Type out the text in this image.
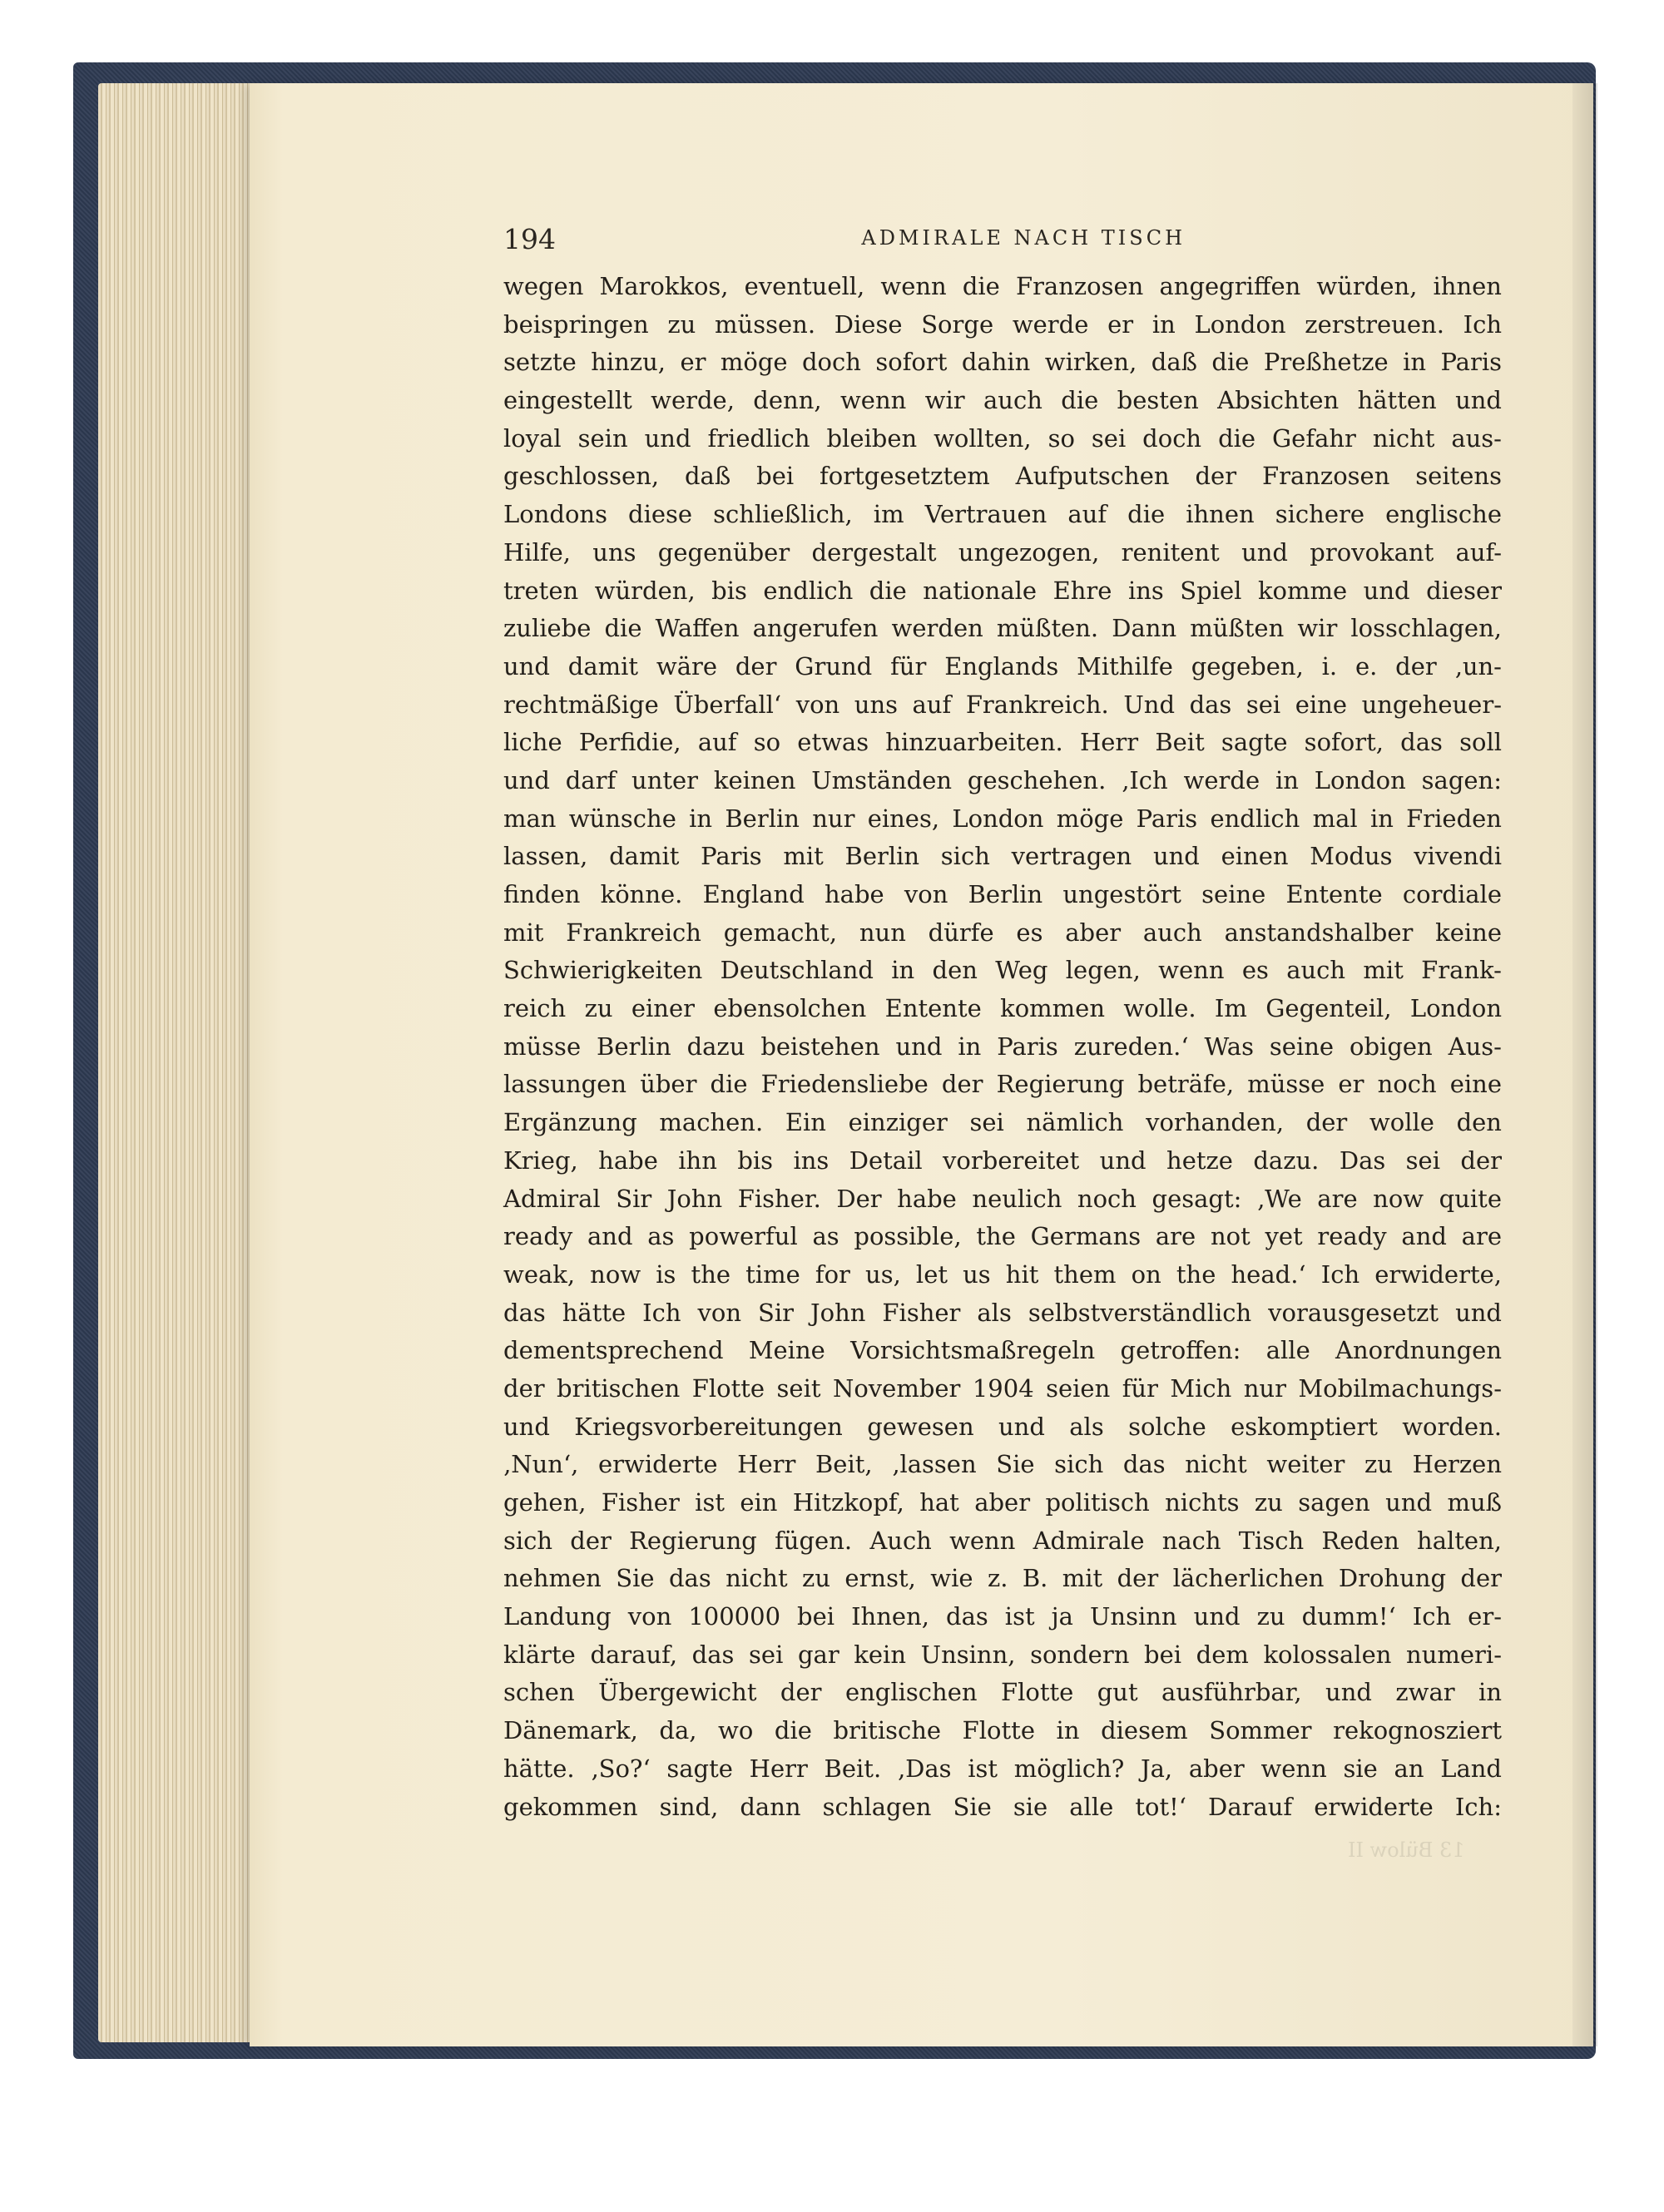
194	ADMIRALE NACH TISCH
wegen Marokkos, eventuell, wenn die Franzosen angegriffen würden, ihnen
beispringen zu müssen. Diese Sorge werde er in London zerstreuen. Ich
setzte hinzu, er möge doch sofort dahin wirken, daß die Preßhetze in Paris
eingestellt werde, denn, wenn wir auch die besten Absichten hätten und
loyal sein und friedlich bleiben wollten, so sei doch die Gefahr nicht aus-
geschlossen, daß bei fortgesetztem Aufputschen der Franzosen seitens
Londons diese schließlich, im Vertrauen auf die ihnen sichere englische
Hilfe, uns gegenüber dergestalt ungezogen, renitent und provokant auf-
treten würden, bis endlich die nationale Ehre ins Spiel komme und dieser
zuliebe die Waffen angerufen werden müßten. Dann müßten wir losschlagen,
und damit wäre der Grund für Englands Mithilfe gegeben, i. e. der ‚un-
rechtmäßige Überfall‘ von uns auf Frankreich. Und das sei eine ungeheuer-
liche Perfidie, auf so etwas hinzuarbeiten. Herr Beit sagte sofort, das soll
und darf unter keinen Umständen geschehen. ‚Ich werde in London sagen:
man wünsche in Berlin nur eines, London möge Paris endlich mal in Frieden
lassen, damit Paris mit Berlin sich vertragen und einen Modus vivendi
finden könne. England habe von Berlin ungestört seine Entente cordiale
mit Frankreich gemacht, nun dürfe es aber auch anstandshalber keine
Schwierigkeiten Deutschland in den Weg legen, wenn es auch mit Frank-
reich zu einer ebensolchen Entente kommen wolle. Im Gegenteil, London
müsse Berlin dazu beistehen und in Paris zureden.‘ Was seine obigen Aus-
lassungen über die Friedensliebe der Regierung beträfe, müsse er noch eine
Ergänzung machen. Ein einziger sei nämlich vorhanden, der wolle den
Krieg, habe ihn bis ins Detail vorbereitet und hetze dazu. Das sei der
Admiral Sir John Fisher. Der habe neulich noch gesagt: ‚We are now quite
ready and as powerful as possible, the Germans are not yet ready and are
weak, now is the time for us, let us hit them on the head.‘ Ich erwiderte,
das hätte Ich von Sir John Fisher als selbstverständlich vorausgesetzt und
dementsprechend Meine Vorsichtsmaßregeln getroffen: alle Anordnungen
der britischen Flotte seit November 1904 seien für Mich nur Mobilmachungs-
und Kriegsvorbereitungen gewesen und als solche eskomptiert worden.
‚Nun‘, erwiderte Herr Beit, ‚lassen Sie sich das nicht weiter zu Herzen
gehen, Fisher ist ein Hitzkopf, hat aber politisch nichts zu sagen und muß
sich der Regierung fügen. Auch wenn Admirale nach Tisch Reden halten,
nehmen Sie das nicht zu ernst, wie z. B. mit der lächerlichen Drohung der
Landung von 100000 bei Ihnen, das ist ja Unsinn und zu dumm!‘ Ich er-
klärte darauf, das sei gar kein Unsinn, sondern bei dem kolossalen numeri-
schen Übergewicht der englischen Flotte gut ausführbar, und zwar in
Dänemark, da, wo die britische Flotte in diesem Sommer rekognosziert
hätte. ‚So?‘ sagte Herr Beit. ‚Das ist möglich? Ja, aber wenn sie an Land
gekommen sind, dann schlagen Sie sie alle tot!‘ Darauf erwiderte Ich:
13 Bülow II
